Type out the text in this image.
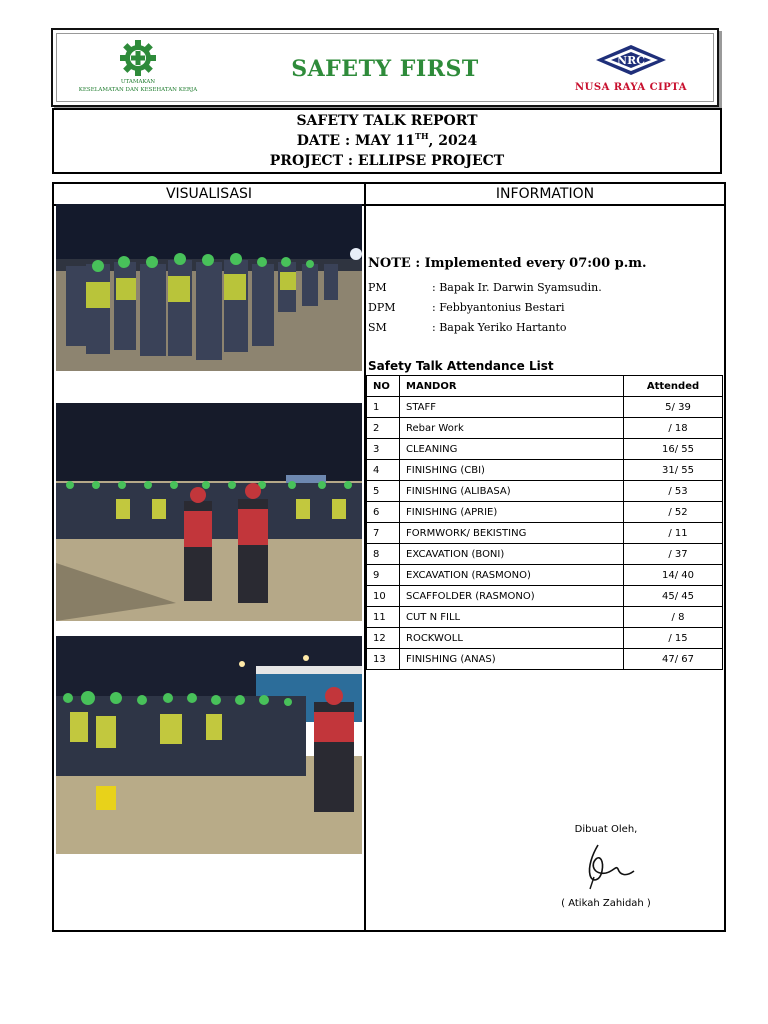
UTAMAKAN
KESELAMATAN DAN KESEHATAN KERJA
SAFETY FIRST	NRC
NUSA RAYA CIPTA
SAFETY TALK REPORT
DATE : MAY 11TH, 2024
PROJECT : ELLIPSE PROJECT
VISUALISASI	INFORMATION
NOTE : Implemented every 07:00 p.m.
PM	: Bapak Ir. Darwin Syamsudin.
DPM	: Febbyantonius Bestari
SM	: Bapak Yeriko Hartanto
Safety Talk Attendance List
NO	MANDOR	Attended
1	STAFF	5/ 39
2	Rebar Work	/ 18
3	CLEANING	16/ 55
4	FINISHING (CBI)	31/ 55
5	FINISHING (ALIBASA)	/ 53
6	FINISHING (APRIE)	/ 52
7	FORMWORK/ BEKISTING	/ 11
8	EXCAVATION (BONI)	/ 37
9	EXCAVATION (RASMONO)	14/ 40
10	SCAFFOLDER (RASMONO)	45/ 45
11	CUT N FILL	/ 8
12	ROCKWOLL	/ 15
13	FINISHING (ANAS)	47/ 67
Dibuat Oleh,
( Atikah Zahidah )
